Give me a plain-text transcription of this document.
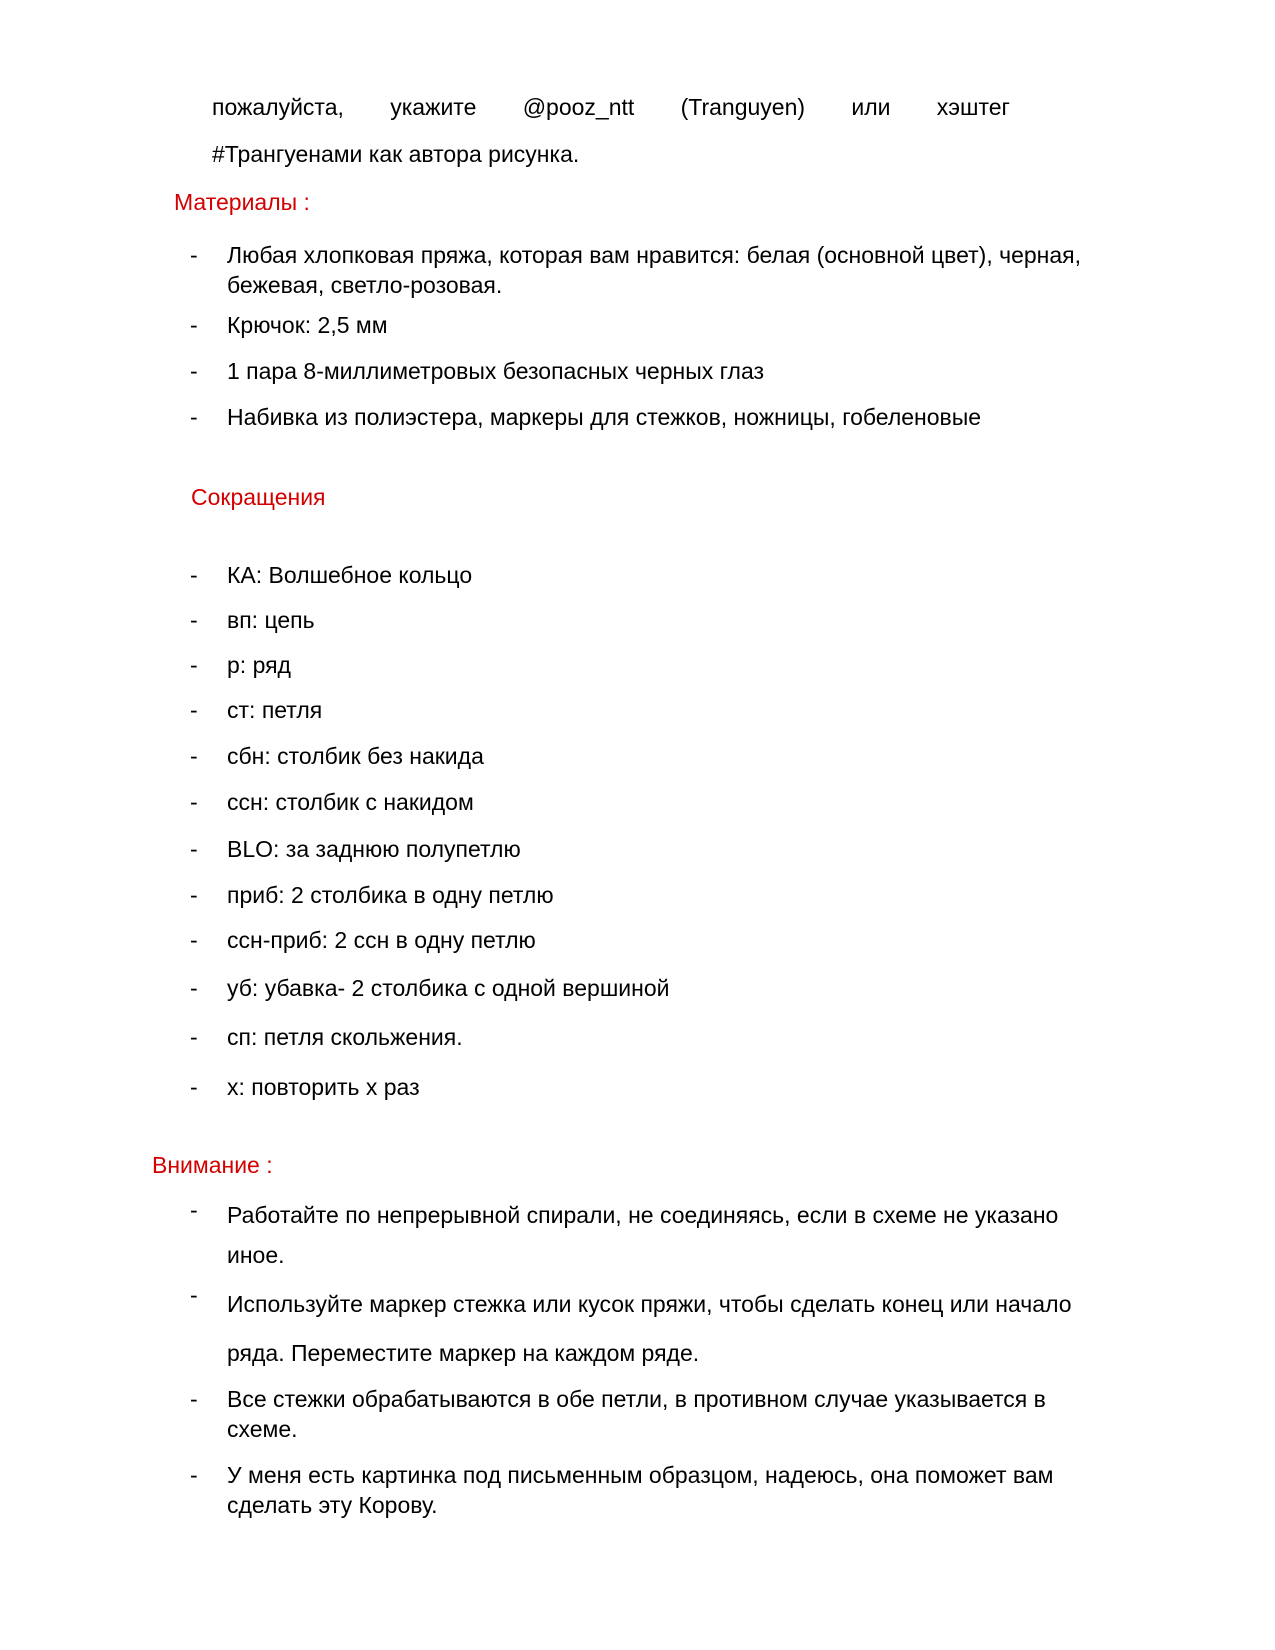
пожалуйста, укажите @pooz_ntt (Tranguyen) или хэштег
#Трангуенами как автора рисунка.
Материалы :
- Любая хлопковая пряжа, которая вам нравится: белая (основной цвет), черная, бежевая, светло-розовая.
- Крючок: 2,5 мм
- 1 пара 8-миллиметровых безопасных черных глаз
- Набивка из полиэстера, маркеры для стежков, ножницы, гобеленовые
Сокращения
- КА: Волшебное кольцо
- вп: цепь
- р: ряд
- ст: петля
- сбн: столбик без накида
- ссн: столбик с накидом
- BLO: за заднюю полупетлю
- приб: 2 столбика в одну петлю
- ссн-приб: 2 ссн в одну петлю
- уб: убавка- 2 столбика с одной вершиной
- сп: петля скольжения.
- x: повторить x раз
Внимание :
- Работайте по непрерывной спирали, не соединяясь, если в схеме не указано иное.
- Используйте маркер стежка или кусок пряжи, чтобы сделать конец или начало ряда. Переместите маркер на каждом ряде.
- Все стежки обрабатываются в обе петли, в противном случае указывается в схеме.
- У меня есть картинка под письменным образцом, надеюсь, она поможет вам сделать эту Корову.
